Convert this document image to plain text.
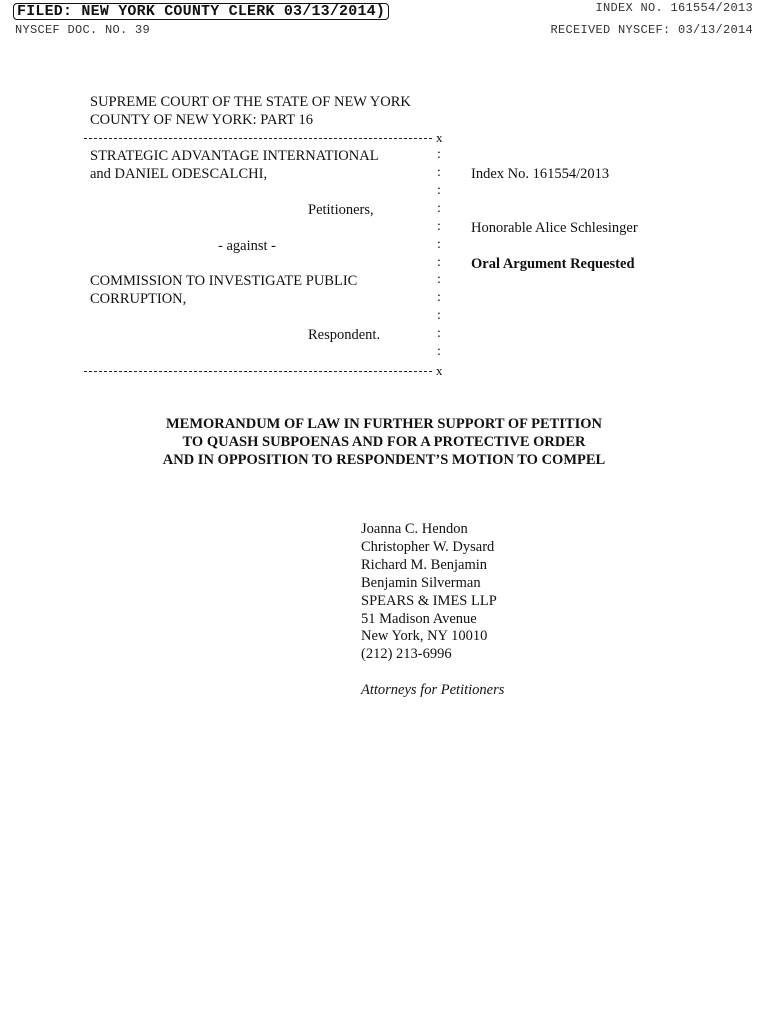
FILED: NEW YORK COUNTY CLERK 03/13/2014)
NYSCEF DOC. NO. 39
INDEX NO. 161554/2013
RECEIVED NYSCEF: 03/13/2014
SUPREME COURT OF THE STATE OF NEW YORK
COUNTY OF NEW YORK: PART 16
x
STRATEGIC ADVANTAGE INTERNATIONAL
and DANIEL ODESCALCHI,
Petitioners,
- against -
COMMISSION TO INVESTIGATE PUBLIC
CORRUPTION,
Respondent.
:
:
:
:
:
:
:
:
:
:
:
:
Index No. 161554/2013
Honorable Alice Schlesinger
Oral Argument Requested
x
MEMORANDUM OF LAW IN FURTHER SUPPORT OF PETITION
TO QUASH SUBPOENAS AND FOR A PROTECTIVE ORDER
AND IN OPPOSITION TO RESPONDENT’S MOTION TO COMPEL
Joanna C. Hendon
Christopher W. Dysard
Richard M. Benjamin
Benjamin Silverman
SPEARS & IMES LLP
51 Madison Avenue
New York, NY 10010
(212) 213-6996
Attorneys for Petitioners
